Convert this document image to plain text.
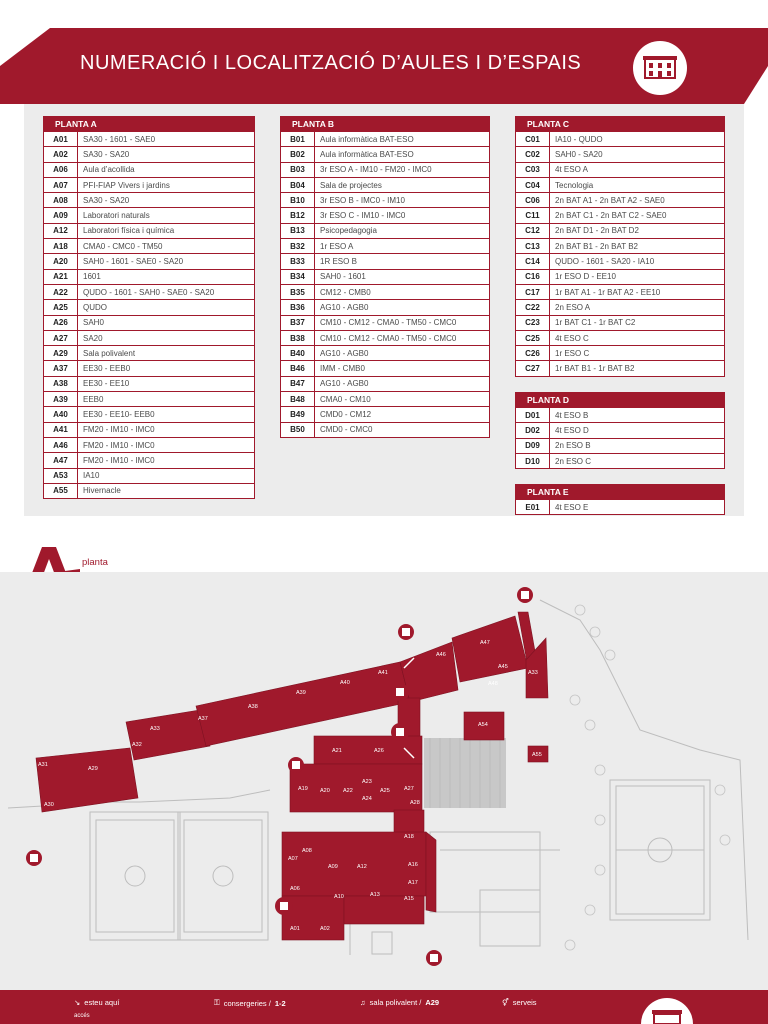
NUMERACIÓ I LOCALITZACIÓ D’AULES I D’ESPAIS
PLANTA A	
A01	SA30 - 1601 - SAE0
A02	SA30 - SA20
A06	Aula d’acollida
A07	PFI-FIAP Vivers i jardins
A08	SA30 - SA20
A09	Laboratori naturals
A12	Laboratori física i química
A18	CMA0 - CMC0 - TM50
A20	SAH0 - 1601 - SAE0 - SA20
A21	1601
A22	QUDO - 1601 - SAH0 - SAE0 - SA20
A25	QUDO
A26	SAH0
A27	SA20
A29	Sala polivalent
A37	EE30 - EEB0
A38	EE30 - EE10
A39	EEB0
A40	EE30 - EE10- EEB0
A41	FM20 - IM10 - IMC0
A46	FM20 - IM10 - IMC0
A47	FM20 - IM10 - IMC0
A53	IA10
A55	Hivernacle
PLANTA B	
B01	Aula informàtica BAT-ESO
B02	Aula informàtica BAT-ESO
B03	3r ESO A - IM10 - FM20 - IMC0
B04	Sala de projectes
B10	3r ESO B - IMC0 - IM10
B12	3r ESO C - IM10 - IMC0
B13	Psicopedagogia
B32	1r ESO A
B33	1R ESO B
B34	SAH0 - 1601
B35	CM12 - CMB0
B36	AG10 - AGB0
B37	CM10 - CM12 - CMA0 - TM50 - CMC0
B38	CM10 - CM12 - CMA0 - TM50 - CMC0
B40	AG10 - AGB0
B46	IMM - CMB0
B47	AG10 - AGB0
B48	CMA0 - CM10
B49	CMD0 - CM12
B50	CMD0 - CMC0
PLANTA C	
C01	IA10 - QUDO
C02	SAH0 - SA20
C03	4t ESO A
C04	Tecnologia
C06	2n BAT A1 - 2n BAT A2 - SAE0
C11	2n BAT C1 - 2n BAT C2 - SAE0
C12	2n BAT D1 - 2n BAT D2
C13	2n BAT B1 - 2n BAT B2
C14	QUDO - 1601 - SA20 - IA10
C16	1r ESO D - EE10
C17	1r BAT A1 - 1r BAT A2 - EE10
C22	2n ESO A
C23	1r BAT C1 - 1r BAT C2
C25	4t ESO C
C26	1r ESO C
C27	1r BAT B1 - 1r BAT B2
PLANTA D	
D01	4t ESO B
D02	4t ESO D
D09	2n ESO B
D10	2n ESO C
PLANTA E
E01	4t ESO E
planta
A31
A29
A30
A32
A33
A37
A38
A39
A40
A41
A46
A47
A45
A48
A33
A54
A55
A21	A26
A19 A20 A22
A23
A24
A25	A27
A28
A18
A07
A08
A09	A12	A16
A17
A15
A06
A10	A13
A01	A02
↘ esteu aquí	⚿ consergeries / 1-2	♫ sala polivalent / A29	⚥ serveis
accés
